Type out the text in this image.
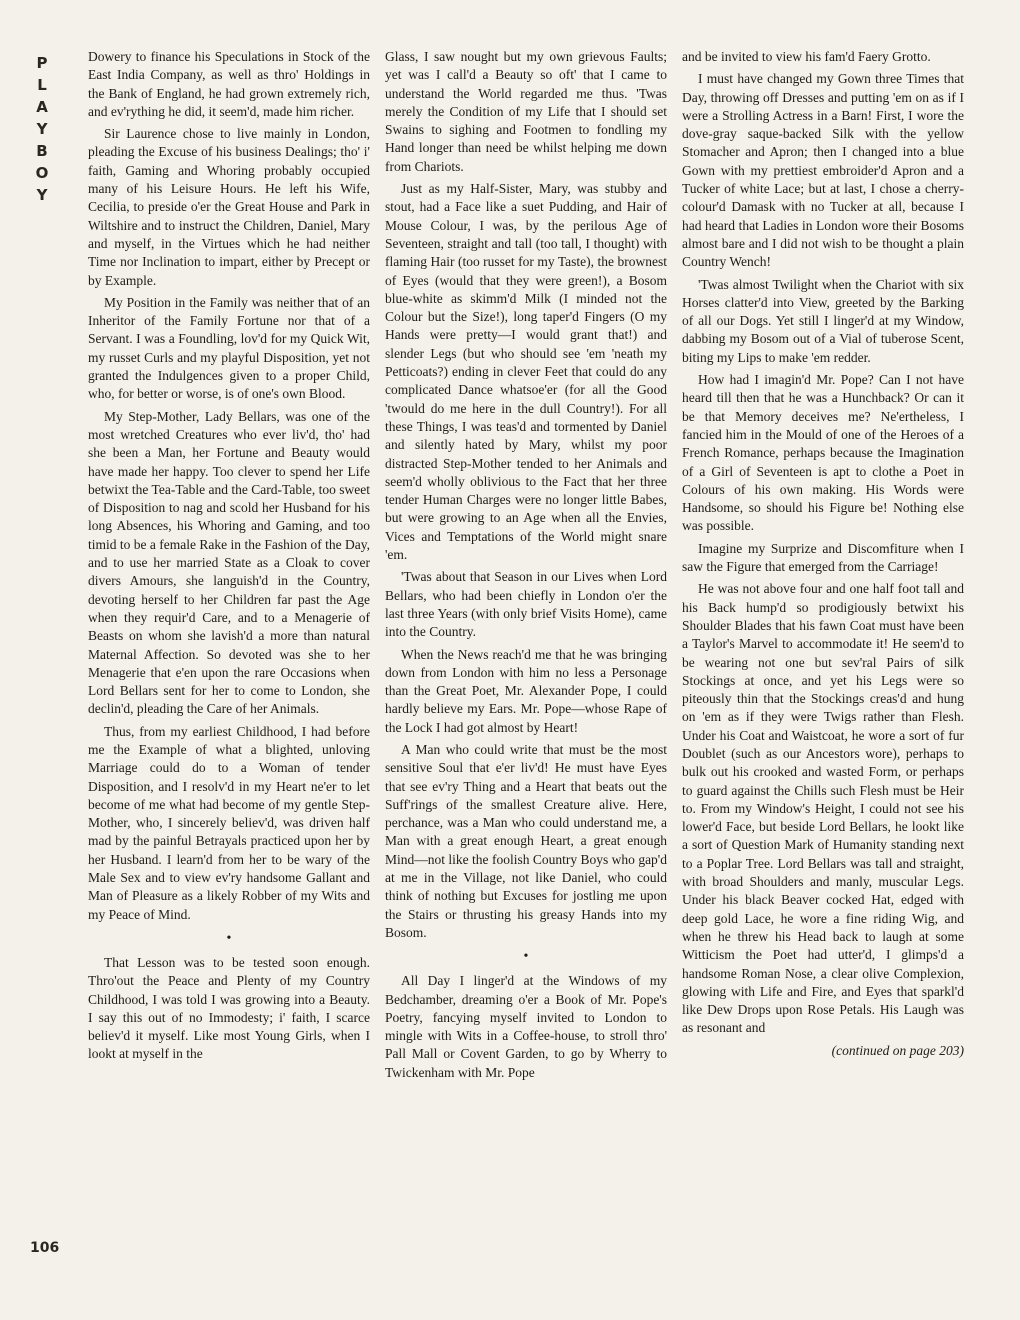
P
L
A
Y
B
O
Y
106

Dowery to finance his Speculations in Stock of the East India Company, as well as thro' Holdings in the Bank of England, he had grown extremely rich, and ev'rything he did, it seem'd, made him richer.

Sir Laurence chose to live mainly in London, pleading the Excuse of his business Dealings; tho' i' faith, Gaming and Whoring probably occupied many of his Leisure Hours. He left his Wife, Cecilia, to preside o'er the Great House and Park in Wiltshire and to instruct the Children, Daniel, Mary and myself, in the Virtues which he had neither Time nor Inclination to impart, either by Precept or by Example.

My Position in the Family was neither that of an Inheritor of the Family Fortune nor that of a Servant. I was a Foundling, lov'd for my Quick Wit, my russet Curls and my playful Disposition, yet not granted the Indulgences given to a proper Child, who, for better or worse, is of one's own Blood.

My Step-Mother, Lady Bellars, was one of the most wretched Creatures who ever liv'd, tho' had she been a Man, her Fortune and Beauty would have made her happy. Too clever to spend her Life betwixt the Tea-Table and the Card-Table, too sweet of Disposition to nag and scold her Husband for his long Absences, his Whoring and Gaming, and too timid to be a female Rake in the Fashion of the Day, and to use her married State as a Cloak to cover divers Amours, she languish'd in the Country, devoting herself to her Children far past the Age when they requir'd Care, and to a Menagerie of Beasts on whom she lavish'd a more than natural Maternal Affection. So devoted was she to her Menagerie that e'en upon the rare Occasions when Lord Bellars sent for her to come to London, she declin'd, pleading the Care of her Animals.

Thus, from my earliest Childhood, I had before me the Example of what a blighted, unloving Marriage could do to a Woman of tender Disposition, and I resolv'd in my Heart ne'er to let become of me what had become of my gentle Step-Mother, who, I sincerely believ'd, was driven half mad by the painful Betrayals practiced upon her by her Husband. I learn'd from her to be wary of the Male Sex and to view ev'ry handsome Gallant and Man of Pleasure as a likely Robber of my Wits and my Peace of Mind.

•

That Lesson was to be tested soon enough. Thro'out the Peace and Plenty of my Country Childhood, I was told I was growing into a Beauty. I say this out of no Immodesty; i' faith, I scarce believ'd it myself. Like most Young Girls, when I lookt at myself in the

Glass, I saw nought but my own grievous Faults; yet was I call'd a Beauty so oft' that I came to understand the World regarded me thus. 'Twas merely the Condition of my Life that I should set Swains to sighing and Footmen to fondling my Hand longer than need be whilst helping me down from Chariots.

Just as my Half-Sister, Mary, was stubby and stout, had a Face like a suet Pudding, and Hair of Mouse Colour, I was, by the perilous Age of Seventeen, straight and tall (too tall, I thought) with flaming Hair (too russet for my Taste), the brownest of Eyes (would that they were green!), a Bosom blue-white as skimm'd Milk (I minded not the Colour but the Size!), long taper'd Fingers (O my Hands were pretty—I would grant that!) and slender Legs (but who should see 'em 'neath my Petticoats?) ending in clever Feet that could do any complicated Dance whatsoe'er (for all the Good 'twould do me here in the dull Country!). For all these Things, I was teas'd and tormented by Daniel and silently hated by Mary, whilst my poor distracted Step-Mother tended to her Animals and seem'd wholly oblivious to the Fact that her three tender Human Charges were no longer little Babes, but were growing to an Age when all the Envies, Vices and Temptations of the World might snare 'em.

'Twas about that Season in our Lives when Lord Bellars, who had been chiefly in London o'er the last three Years (with only brief Visits Home), came into the Country.

When the News reach'd me that he was bringing down from London with him no less a Personage than the Great Poet, Mr. Alexander Pope, I could hardly believe my Ears. Mr. Pope—whose Rape of the Lock I had got almost by Heart!

A Man who could write that must be the most sensitive Soul that e'er liv'd! He must have Eyes that see ev'ry Thing and a Heart that beats out the Suff'rings of the smallest Creature alive. Here, perchance, was a Man who could understand me, a Man with a great enough Heart, a great enough Mind—not like the foolish Country Boys who gap'd at me in the Village, not like Daniel, who could think of nothing but Excuses for jostling me upon the Stairs or thrusting his greasy Hands into my Bosom.

•

All Day I linger'd at the Windows of my Bedchamber, dreaming o'er a Book of Mr. Pope's Poetry, fancying myself invited to London to mingle with Wits in a Coffee-house, to stroll thro' Pall Mall or Covent Garden, to go by Wherry to Twickenham with Mr. Pope

and be invited to view his fam'd Faery Grotto.

I must have changed my Gown three Times that Day, throwing off Dresses and putting 'em on as if I were a Strolling Actress in a Barn! First, I wore the dove-gray saque-backed Silk with the yellow Stomacher and Apron; then I changed into a blue Gown with my prettiest embroider'd Apron and a Tucker of white Lace; but at last, I chose a cherry-colour'd Damask with no Tucker at all, because I had heard that Ladies in London wore their Bosoms almost bare and I did not wish to be thought a plain Country Wench!

'Twas almost Twilight when the Chariot with six Horses clatter'd into View, greeted by the Barking of all our Dogs. Yet still I linger'd at my Window, dabbing my Bosom out of a Vial of tuberose Scent, biting my Lips to make 'em redder.

How had I imagin'd Mr. Pope? Can I not have heard till then that he was a Hunchback? Or can it be that Memory deceives me? Ne'ertheless, I fancied him in the Mould of one of the Heroes of a French Romance, perhaps because the Imagination of a Girl of Seventeen is apt to clothe a Poet in Colours of his own making. His Words were Handsome, so should his Figure be! Nothing else was possible.

Imagine my Surprize and Discomfiture when I saw the Figure that emerged from the Carriage!

He was not above four and one half foot tall and his Back hump'd so prodigiously betwixt his Shoulder Blades that his fawn Coat must have been a Taylor's Marvel to accommodate it! He seem'd to be wearing not one but sev'ral Pairs of silk Stockings at once, and yet his Legs were so piteously thin that the Stockings creas'd and hung on 'em as if they were Twigs rather than Flesh. Under his Coat and Waistcoat, he wore a sort of fur Doublet (such as our Ancestors wore), perhaps to bulk out his crooked and wasted Form, or perhaps to guard against the Chills such Flesh must be Heir to. From my Window's Height, I could not see his lower'd Face, but beside Lord Bellars, he lookt like a sort of Question Mark of Humanity standing next to a Poplar Tree. Lord Bellars was tall and straight, with broad Shoulders and manly, muscular Legs. Under his black Beaver cocked Hat, edged with deep gold Lace, he wore a fine riding Wig, and when he threw his Head back to laugh at some Witticism the Poet had utter'd, I glimps'd a handsome Roman Nose, a clear olive Complexion, glowing with Life and Fire, and Eyes that sparkl'd like Dew Drops upon Rose Petals. His Laugh was as resonant and

(continued on page 203)
